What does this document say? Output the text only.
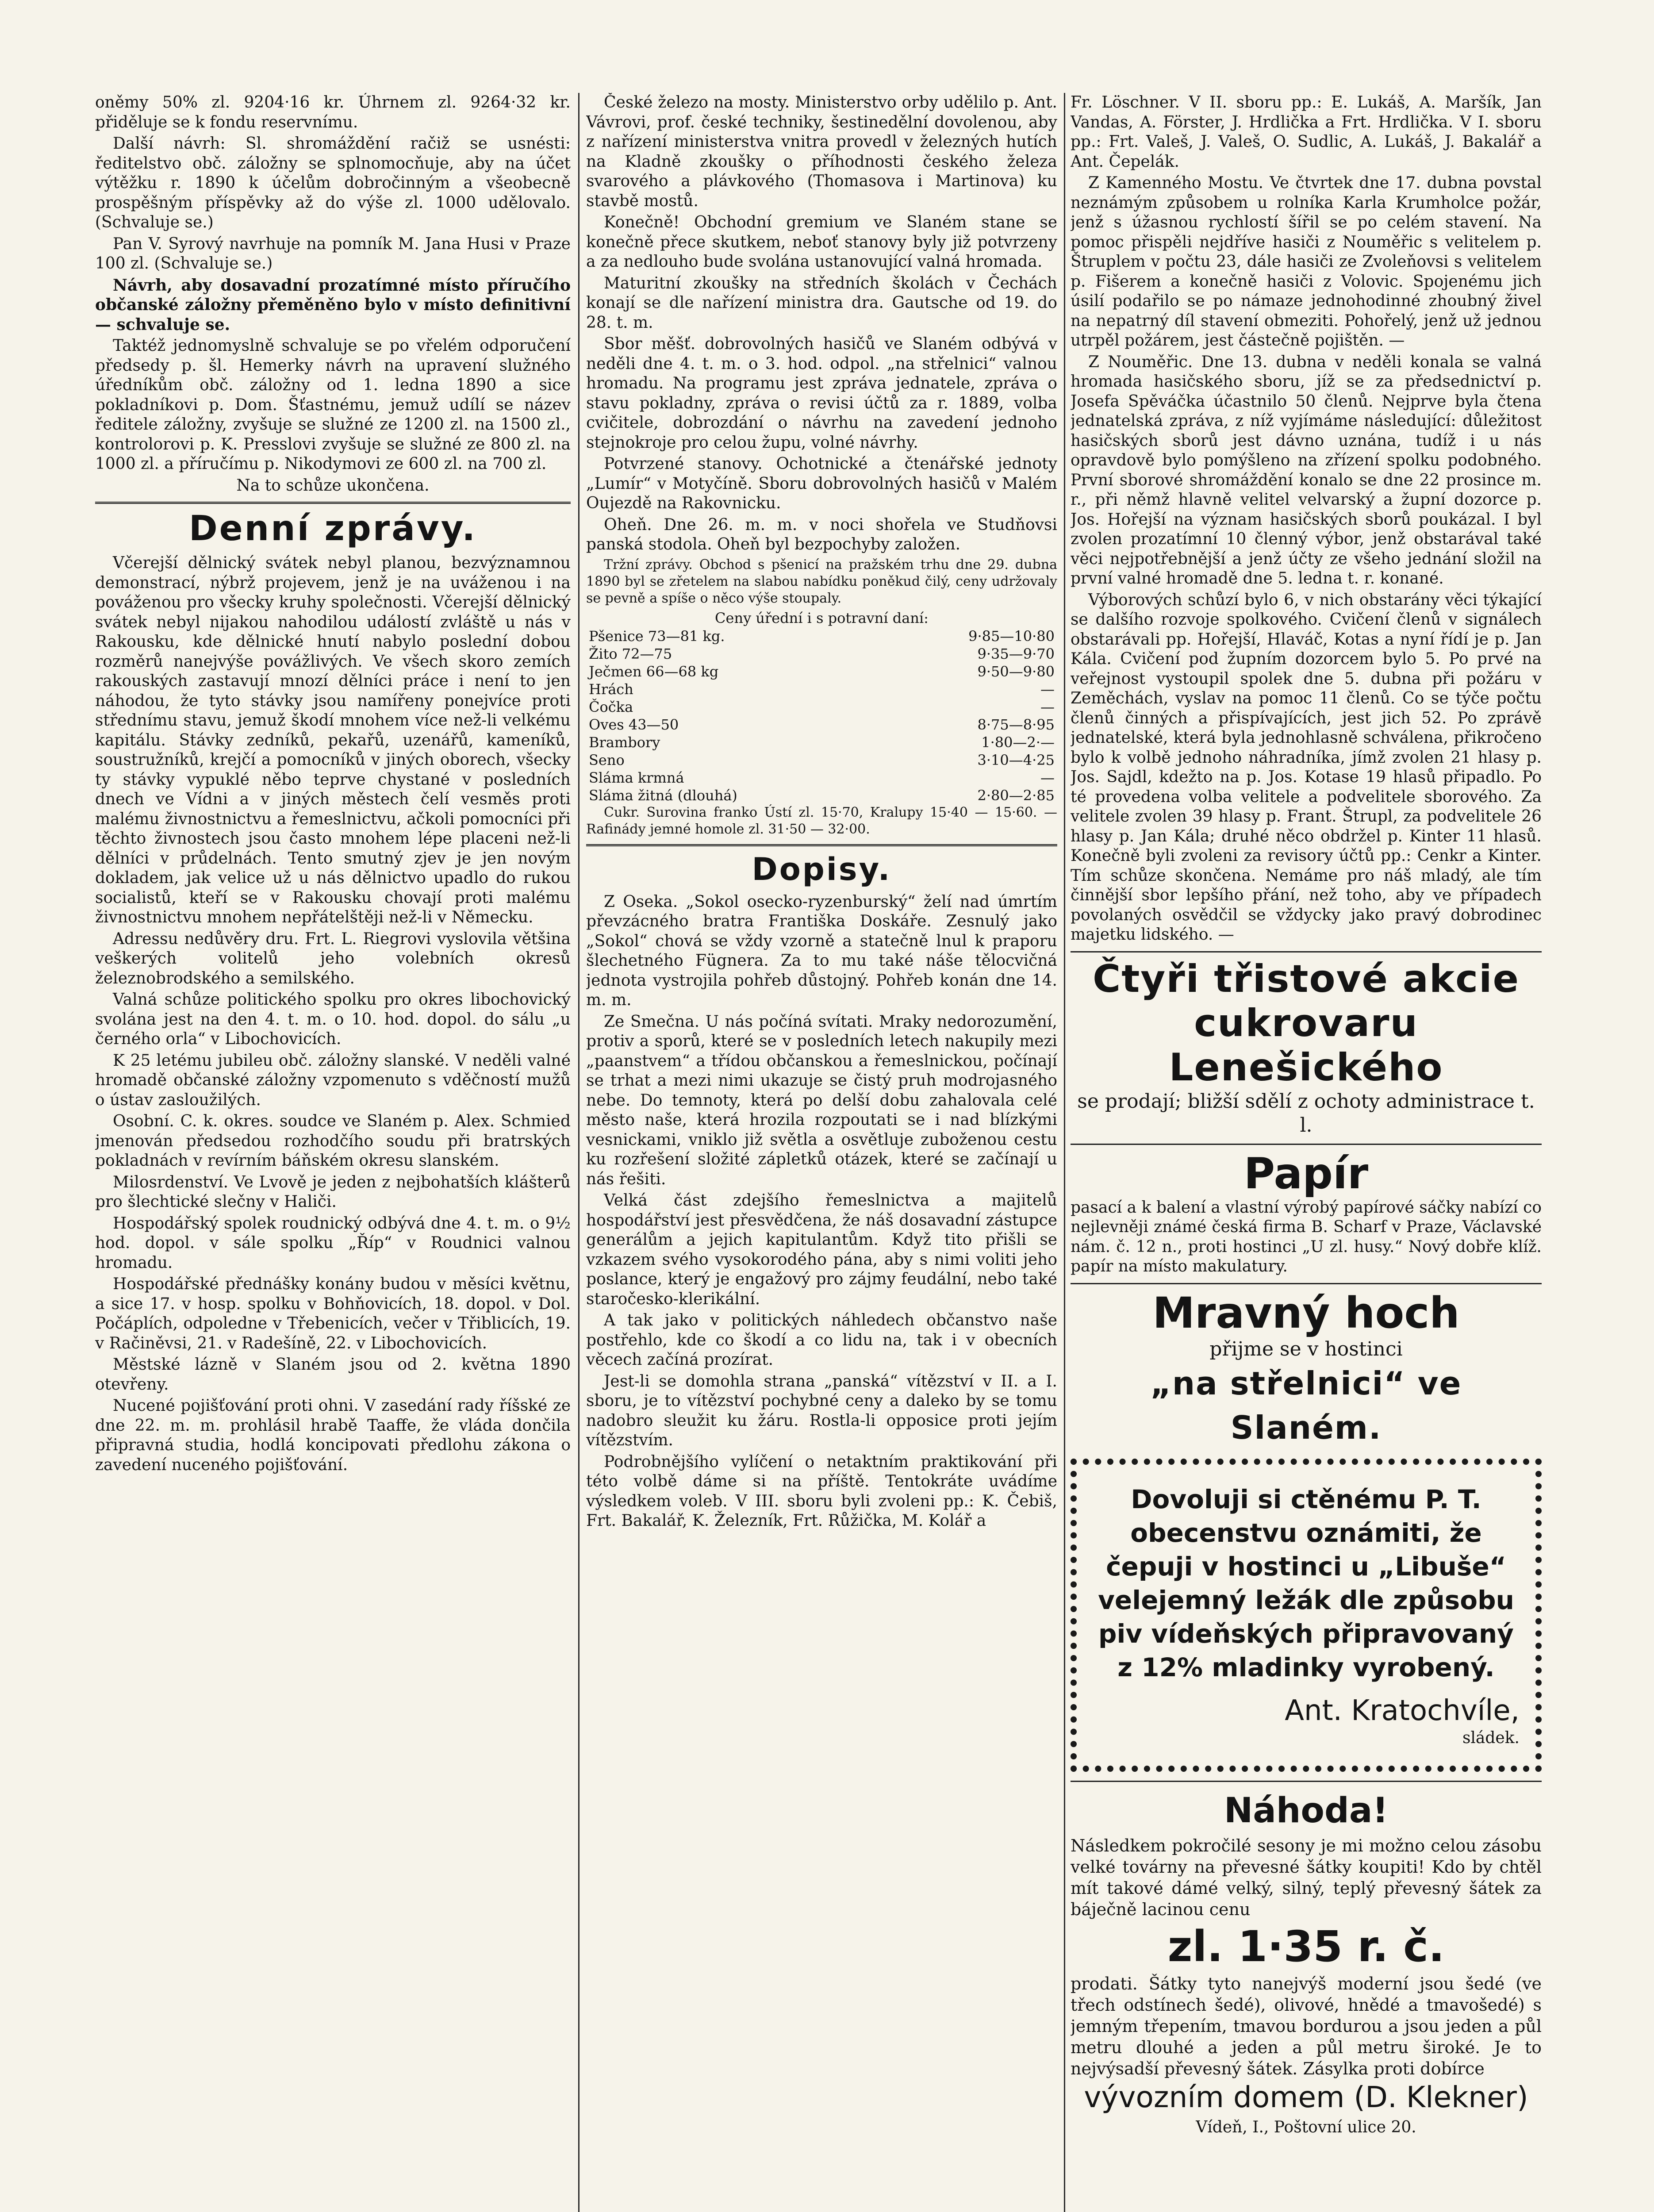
oněmy 50% zl. 9204·16 kr. Úhrnem zl. 9264·32 kr. přiděluje se k fondu reservnímu.

Další návrh: Sl. shromáždění račiž se usnésti: ředitelstvo obč. záložny se splnomocňuje, aby na účet výtěžku r. 1890 k účelům dobročinným a všeobecně prospěšným příspěvky až do výše zl. 1000 udělovalo. (Schvaluje se.)

Pan V. Syrový navrhuje na pomník M. Jana Husi v Praze 100 zl. (Schvaluje se.)

Návrh, aby dosavadní prozatímné místo příručího občanské záložny přeměněno bylo v místo definitivní — schvaluje se.

Taktéž jednomyslně schvaluje se po vřelém odporučení předsedy p. šl. Hemerky návrh na upravení služného úředníkům obč. záložny od 1. ledna 1890 a sice pokladníkovi p. Dom. Šťastnému, jemuž udílí se název ředitele záložny, zvyšuje se služné ze 1200 zl. na 1500 zl., kontrolorovi p. K. Presslovi zvyšuje se služné ze 800 zl. na 1000 zl. a příručímu p. Nikodymovi ze 600 zl. na 700 zl.

Na to schůze ukončena.

Denní zprávy.

Včerejší dělnický svátek nebyl planou, bezvýznamnou demonstrací, nýbrž projevem, jenž je na uváženou i na pováženou pro všecky kruhy společnosti. Včerejší dělnický svátek nebyl nijakou nahodilou událostí zvláště u nás v Rakousku, kde dělnické hnutí nabylo poslední dobou rozměrů nanejvýše povážlivých. Ve všech skoro zemích rakouských zastavují mnozí dělníci práce i není to jen náhodou, že tyto stávky jsou namířeny ponejvíce proti střednímu stavu, jemuž škodí mnohem více než-li velkému kapitálu. Stávky zedníků, pekařů, uzenářů, kameníků, soustružníků, krejčí a pomocníků v jiných oborech, všecky ty stávky vypuklé něbo teprve chystané v posledních dnech ve Vídni a v jiných městech čelí vesměs proti malému živnostnictvu a řemeslnictvu, ačkoli pomocníci při těchto živnostech jsou často mnohem lépe placeni než-li dělníci v průdelnách. Tento smutný zjev je jen novým dokladem, jak velice už u nás dělnictvo upadlo do rukou socialistů, kteří se v Rakousku chovají proti malému živnostnictvu mnohem nepřátelštěji než-li v Německu.

Adressu nedůvěry dru. Frt. L. Riegrovi vyslovila většina veškerých volitelů jeho volebních okresů železnobrodského a semilského.

Valná schůze politického spolku pro okres libochovický svolána jest na den 4. t. m. o 10. hod. dopol. do sálu „u černého orla“ v Libochovicích.

K 25 letému jubileu obč. záložny slanské. V neděli valné hromadě občanské záložny vzpomenuto s vděčností mužů o ústav zasloužilých.

Osobní. C. k. okres. soudce ve Slaném p. Alex. Schmied jmenován předsedou rozhodčího soudu při bratrských pokladnách v revírním báňském okresu slanském.

Milosrdenství. Ve Lvově je jeden z nejbohatších klášterů pro šlechtické slečny v Haliči.

Hospodářský spolek roudnický odbývá dne 4. t. m. o 9½ hod. dopol. v sále spolku „Říp“ v Roudnici valnou hromadu.

Hospodářské přednášky konány budou v měsíci květnu, a sice 17. v hosp. spolku v Bohňovicích, 18. dopol. v Dol. Počáplích, odpoledne v Třebenicích, večer v Třiblicích, 19. v Račiněvsi, 21. v Radešíně, 22. v Libochovicích.

Městské lázně v Slaném jsou od 2. května 1890 otevřeny.

Nucené pojišťování proti ohni. V zasedání rady říšské ze dne 22. m. m. prohlásil hrabě Taaffe, že vláda dončila připravná studia, hodlá koncipovati předlohu zákona o zavedení nuceného pojišťování.

České železo na mosty. Ministerstvo orby udělilo p. Ant. Vávrovi, prof. české techniky, šestinedělní dovolenou, aby z nařízení ministerstva vnitra provedl v železných hutích na Kladně zkoušky o příhodnosti českého železa svarového a plávkového (Thomasova i Martinova) ku stavbě mostů.

Konečně! Obchodní gremium ve Slaném stane se konečně přece skutkem, neboť stanovy byly již potvrzeny a za nedlouho bude svolána ustanovující valná hromada.

Maturitní zkoušky na středních školách v Čechách konají se dle nařízení ministra dra. Gautsche od 19. do 28. t. m.

Sbor měšť. dobrovolných hasičů ve Slaném odbývá v neděli dne 4. t. m. o 3. hod. odpol. „na střelnici“ valnou hromadu. Na programu jest zpráva jednatele, zpráva o stavu pokladny, zpráva o revisi účtů za r. 1889, volba cvičitele, dobrozdání o návrhu na zavedení jednoho stejnokroje pro celou župu, volné návrhy.

Potvrzené stanovy. Ochotnické a čtenářské jednoty „Lumír“ v Motyčíně. Sboru dobrovolných hasičů v Malém Oujezdě na Rakovnicku.

Oheň. Dne 26. m. m. v noci shořela ve Studňovsi panská stodola. Oheň byl bezpochyby založen.

Tržní zprávy. Obchod s pšenicí na pražském trhu dne 29. dubna 1890 byl se zřetelem na slabou nabídku poněkud čilý, ceny udržovaly se pevně a spíše o něco výše stoupaly.

Ceny úřední i s potravní daní:	
Pšenice 73—81 kg.	9·85—10·80
Žito 72—75	9·35—9·70
Ječmen 66—68 kg	9·50—9·80
Hrách	—
Čočka	—
Oves 43—50	8·75—8·95
Brambory	1·80—2·—
Seno	3·10—4·25
Sláma krmná	—
Sláma žitná (dlouhá)	2·80—2·85

Cukr. Surovina franko Ústí zl. 15·70, Kralupy 15·40 — 15·60. — Rafinády jemné homole zl. 31·50 — 32·00.

Dopisy.

Z Oseka. „Sokol osecko-ryzenburský“ želí nad úmrtím převzácného bratra Františka Doskáře. Zesnulý jako „Sokol“ chová se vždy vzorně a statečně lnul k praporu šlechetného Fügnera. Za to mu také náše tělocvičná jednota vystrojila pohřeb důstojný. Pohřeb konán dne 14. m. m.

Ze Smečna. U nás počíná svítati. Mraky nedorozumění, protiv a sporů, které se v posledních letech nakupily mezi „paanstvem“ a třídou občanskou a řemeslnickou, počínají se trhat a mezi nimi ukazuje se čistý pruh modrojasného nebe. Do temnoty, která po delší dobu zahalovala celé město naše, která hrozila rozpoutati se i nad blízkými vesnickami, vniklo již světla a osvětluje zuboženou cestu ku rozřešení složité zápletků otázek, které se začínají u nás řešiti.

Velká část zdejšího řemeslnictva a majitelů hospodářství jest přesvědčena, že náš dosavadní zástupce generálům a jejich kapitulantům. Když tito přišli se vzkazem svého vysokorodého pána, aby s nimi voliti jeho poslance, který je engažový pro zájmy feudální, nebo také staročesko-klerikální.

A tak jako v politických náhledech občanstvo naše postřehlo, kde co škodí a co lidu na, tak i v obecních věcech začíná prozírat.

Jest-li se domohla strana „panská“ vítězství v II. a I. sboru, je to vítězství pochybné ceny a daleko by se tomu nadobro sleužit ku žáru. Rostla-li opposice proti jejím vítězstvím.

Podrobnějšího vylíčení o netaktním praktikování při této volbě dáme si na příště. Tentokráte uvádíme výsledkem voleb. V III. sboru byli zvoleni pp.: K. Čebiš, Frt. Bakalář, K. Železník, Frt. Růžička, M. Kolář a

Fr. Löschner. V II. sboru pp.: E. Lukáš, A. Maršík, Jan Vandas, A. Förster, J. Hrdlička a Frt. Hrdlička. V I. sboru pp.: Frt. Valeš, J. Valeš, O. Sudlic, A. Lukáš, J. Bakalář a Ant. Čepelák.

Z Kamenného Mostu. Ve čtvrtek dne 17. dubna povstal neznámým způsobem u rolníka Karla Krumholce požár, jenž s úžasnou rychlostí šířil se po celém stavení. Na pomoc přispěli nejdříve hasiči z Nouměřic s velitelem p. Štruplem v počtu 23, dále hasiči ze Zvoleňovsi s velitelem p. Fišerem a konečně hasiči z Volovic. Spojenému jich úsilí podařilo se po námaze jednohodinné zhoubný živel na nepatrný díl stavení obmeziti. Pohořelý, jenž už jednou utrpěl požárem, jest částečně pojištěn. —

Z Nouměřic. Dne 13. dubna v neděli konala se valná hromada hasičského sboru, jíž se za předsednictví p. Josefa Spěváčka účastnilo 50 členů. Nejprve byla čtena jednatelská zpráva, z níž vyjímáme následující: důležitost hasičských sborů jest dávno uznána, tudíž i u nás opravdově bylo pomýšleno na zřízení spolku podobného. První sborové shromáždění konalo se dne 22 prosince m. r., při němž hlavně velitel velvarský a župní dozorce p. Jos. Hořejší na význam hasičských sborů poukázal. I byl zvolen prozatímní 10 členný výbor, jenž obstarával také věci nejpotřebnější a jenž účty ze všeho jednání složil na první valné hromadě dne 5. ledna t. r. konané.

Výborových schůzí bylo 6, v nich obstarány věci týkající se dalšího rozvoje spolkového. Cvičení členů v signálech obstarávali pp. Hořejší, Hlaváč, Kotas a nyní řídí je p. Jan Kála. Cvičení pod župním dozorcem bylo 5. Po prvé na veřejnost vystoupil spolek dne 5. dubna při požáru v Zeměchách, vyslav na pomoc 11 členů. Co se týče počtu členů činných a přispívajících, jest jich 52. Po zprávě jednatelské, která byla jednohlasně schválena, přikročeno bylo k volbě jednoho náhradníka, jímž zvolen 21 hlasy p. Jos. Sajdl, kdežto na p. Jos. Kotase 19 hlasů připadlo. Po té provedena volba velitele a podvelitele sborového. Za velitele zvolen 39 hlasy p. Frant. Štrupl, za podvelitele 26 hlasy p. Jan Kála; druhé něco obdržel p. Kinter 11 hlasů. Konečně byli zvoleni za revisory účtů pp.: Cenkr a Kinter. Tím schůze skončena. Nemáme pro náš mladý, ale tím činnější sbor lepšího přání, než toho, aby ve případech povolaných osvědčil se vždycky jako pravý dobrodinec majetku lidského. —

Čtyři třistové akcie
cukrovaru Lenešického
se prodají; bližší sdělí z ochoty administrace t. l.
Papír

pasací a k balení a vlastní výrobý papírové sáčky nabízí co nejlevněji známé česká firma B. Scharf v Praze, Václavské nám. č. 12 n., proti hostinci „U zl. husy.“ Nový dobře klíž. papír na místo makulatury.

Mravný hoch
přijme se v hostinci
„na střelnici“ ve Slaném.
Dovoluji si ctěnému P. T.
obecenstvu oznámiti, že čepuji v hostinci u „Libuše“
velejemný ležák dle způsobu
piv vídeňských připravovaný
z 12% mladinky vyrobený.
Ant. Kratochvíle,
sládek.
Náhoda!
Následkem pokročilé sesony je mi možno celou zásobu velké továrny na převesné šátky koupiti! Kdo by chtěl mít takové dámé velký, silný, teplý převesný šátek za báječně lacinou cenu
zl. 1·35 r. č.
prodati. Šátky tyto nanejvýš moderní jsou šedé (ve třech odstínech šedé), olivové, hnědé a tmavošedé) s jemným třepením, tmavou bordurou a jsou jeden a půl metru dlouhé a jeden a půl metru široké. Je to nejvýsadší převesný šátek. Zásylka proti dobírce
vývozním domem (D. Klekner)
Vídeň, I., Poštovní ulice 20.
